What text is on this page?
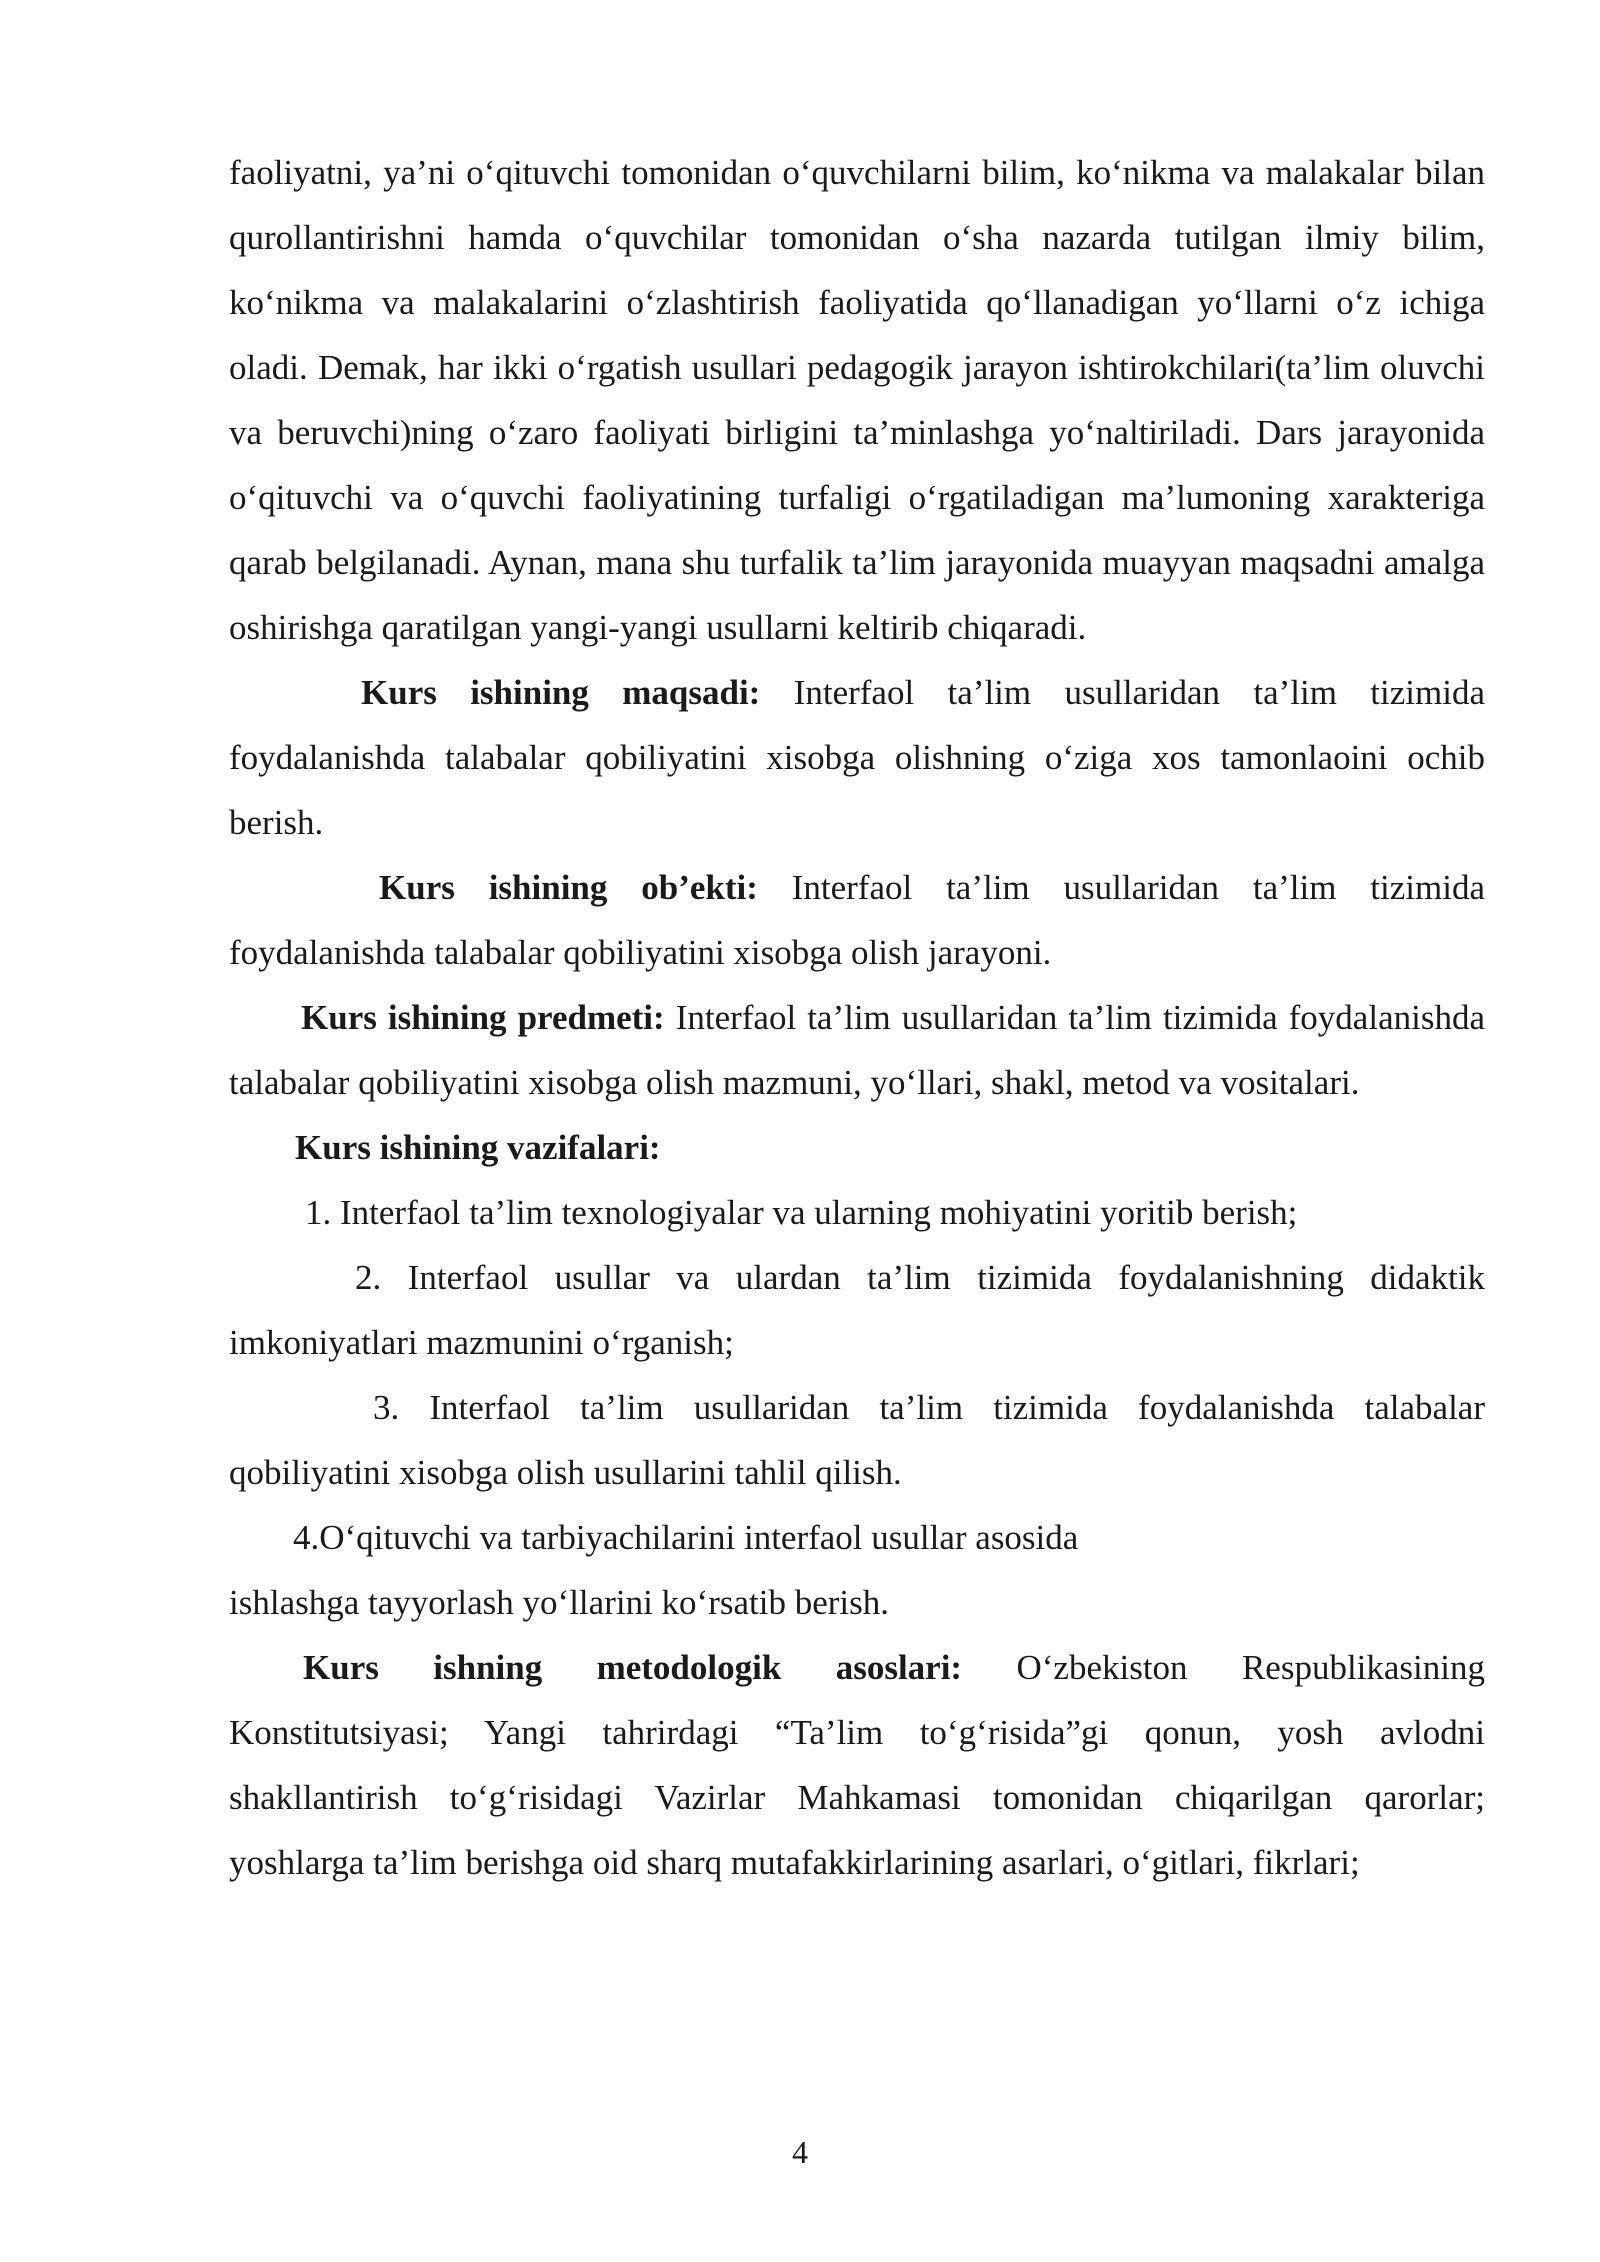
faoliyatni, ya’ni o‘qituvchi tomonidan o‘quvchilarni bilim, ko‘nikma va malakalar bilan qurollantirishni hamda o‘quvchilar tomonidan o‘sha nazarda tutilgan ilmiy bilim, ko‘nikma va malakalarini o‘zlashtirish faoliyatida qo‘llanadigan yo‘llarni o‘z ichiga oladi. Demak, har ikki o‘rgatish usullari pedagogik jarayon ishtirokchilari(ta’lim oluvchi va beruvchi)ning o‘zaro faoliyati birligini ta’minlashga yo‘naltiriladi. Dars jarayonida o‘qituvchi va o‘quvchi faoliyatining turfaligi o‘rgatiladigan ma’lumoning xarakteriga qarab belgilanadi. Aynan, mana shu turfalik ta’lim jarayonida muayyan maqsadni amalga oshirishga qaratilgan yangi-yangi usullarni keltirib chiqaradi.

Kurs ishining maqsadi: Interfaol ta’lim usullaridan ta’lim tizimida foydalanishda talabalar qobiliyatini xisobga olishning o‘ziga xos tamonlaoini ochib berish.

Kurs ishining ob’ekti: Interfaol ta’lim usullaridan ta’lim tizimida foydalanishda talabalar qobiliyatini xisobga olish jarayoni.

Kurs ishining predmeti: Interfaol ta’lim usullaridan ta’lim tizimida foydalanishda talabalar qobiliyatini xisobga olish mazmuni, yo‘llari, shakl, metod va vositalari.

Kurs ishining vazifalari:

1. Interfaol ta’lim texnologiyalar va ularning mohiyatini yoritib berish;

2. Interfaol usullar va ulardan ta’lim tizimida foydalanishning didaktik imkoniyatlari mazmunini o‘rganish;

3. Interfaol ta’lim usullaridan ta’lim tizimida foydalanishda talabalar qobiliyatini xisobga olish usullarini tahlil qilish.

4.O‘qituvchi va tarbiyachilarini interfaol usullar asosida

ishlashga tayyorlash yo‘llarini ko‘rsatib berish.

Kurs ishning metodologik asoslari: O‘zbekiston Respublikasining Konstitutsiyasi; Yangi tahrirdagi “Ta’lim to‘g‘risida”gi qonun, yosh avlodni shakllantirish to‘g‘risidagi Vazirlar Mahkamasi tomonidan chiqarilgan qarorlar; yoshlarga ta’lim berishga oid sharq mutafakkirlarining asarlari, o‘gitlari, fikrlari;

4
